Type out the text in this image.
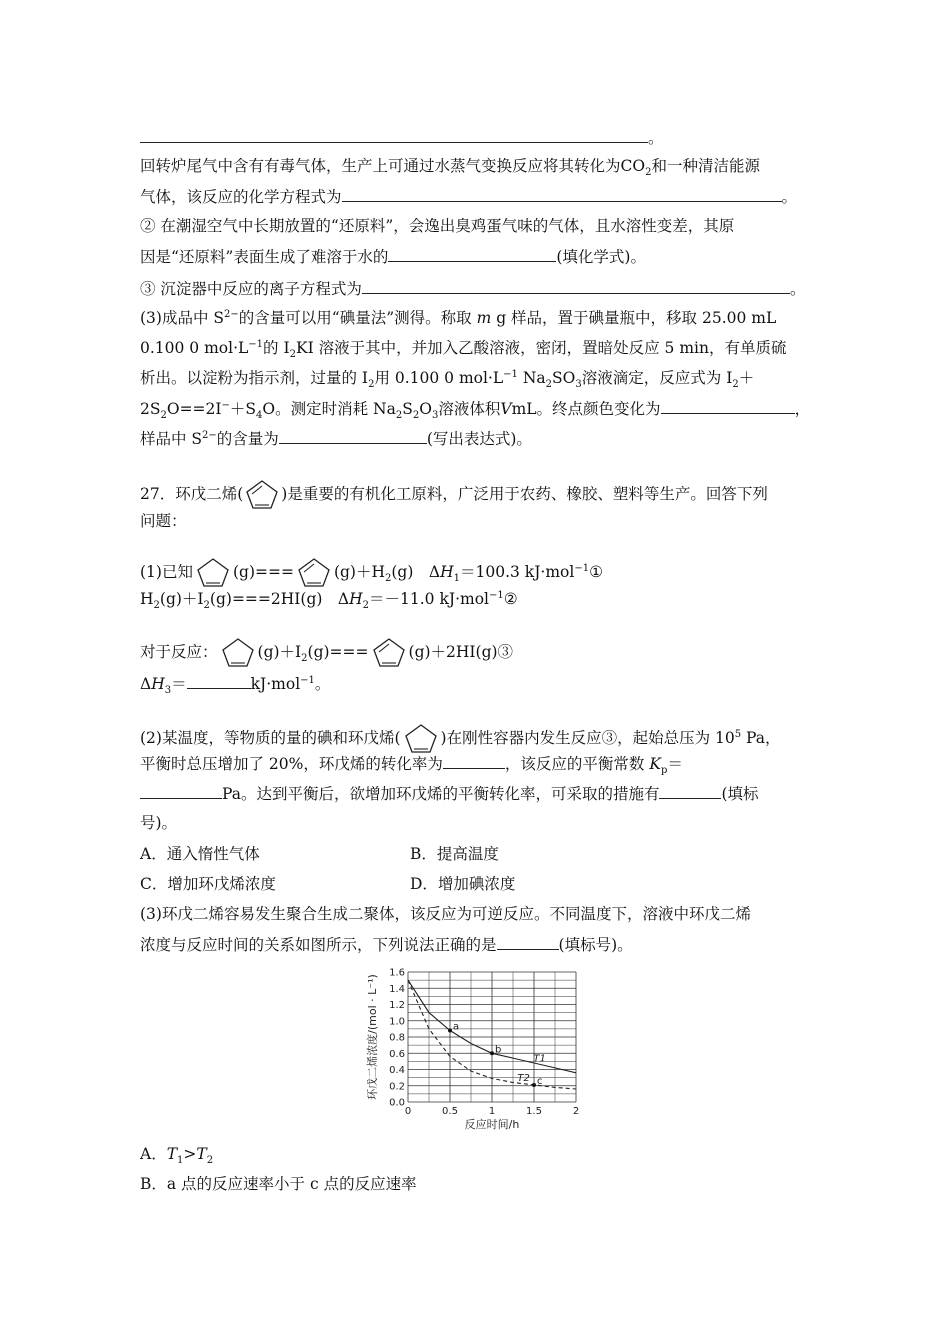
。
回转炉尾气中含有有毒气体，生产上可通过水蒸气变换反应将其转化为$CO_2$和一种清洁能源
气体，该反应的化学方程式为	。
② 在潮湿空气中长期放置的“还原料”，会逸出臭鸡蛋气味的气体，且水溶性变差，其原
因是“还原料”表面生成了难溶于水的	(填化学式)。
③ 沉淀器中反应的离子方程式为	。
(3)成品中 $S^{2-}$的含量可以用“碘量法”测得。称取 m g 样品，置于碘量瓶中，移取 25.00 mL
0.100 0 $mol\cdot L^{-1}$的 $I_2KI$ 溶液于其中，并加入乙酸溶液，密闭，置暗处反应 5 min，有单质硫
析出。以淀粉为指示剂，过量的 $I_2$用 0.100 0 $mol\cdot L^{-1}$ $Na_2SO_3$溶液滴定，反应式为 $I_2+$
$2S_2O==2I^-+S_4O$。测定时消耗 $Na_2S_2O_3$溶液体积VmL。终点颜色变化为	，
样品中 $S^{2-}$的含量为	(写出表达式)。
27．环戊二烯( )是重要的有机化工原料，广泛用于农药、橡胶、塑料等生产。回答下列
问题：
(1)已知	(g)===	$(g)+H_2(g)$　$\Delta H_1=100.3$ kJ·mol$^{-1}$①
$H_2(g)+I_2(g)===2HI(g)$　$\Delta H_2=-11.0$ kJ·mol$^{-1}$②
对于反应：	$(g)+I_2(g)===$	(g)＋2HI(g)③
$\Delta H_3=$	kJ·mol$^{-1}$。
(2)某温度，等物质的量的碘和环戊烯(	)在刚性容器内发生反应③，起始总压为 $10^5$ Pa，
平衡时总压增加了 20%，环戊烯的转化率为	，该反应的平衡常数 $K_p=$
Pa。达到平衡后，欲增加环戊烯的平衡转化率，可采取的措施有	(填标
号)。
A．通入惰性气体	B．提高温度
C．增加环戊烯浓度	D．增加碘浓度
(3)环戊二烯容易发生聚合生成二聚体，该反应为可逆反应。不同温度下，溶液中环戊二烯
浓度与反应时间的关系如图所示，下列说法正确的是	(填标号)。
0.0
0.2
0.4
0.6
0.8
1.0
1.2
1.4
1.6
0	0.5	1	1.5	2
T1
T2
a
b
c
反应时间/h
环戊二烯浓度/(mol · L⁻¹)
A．$T_1>T_2$
B．a 点的反应速率小于 c 点的反应速率
